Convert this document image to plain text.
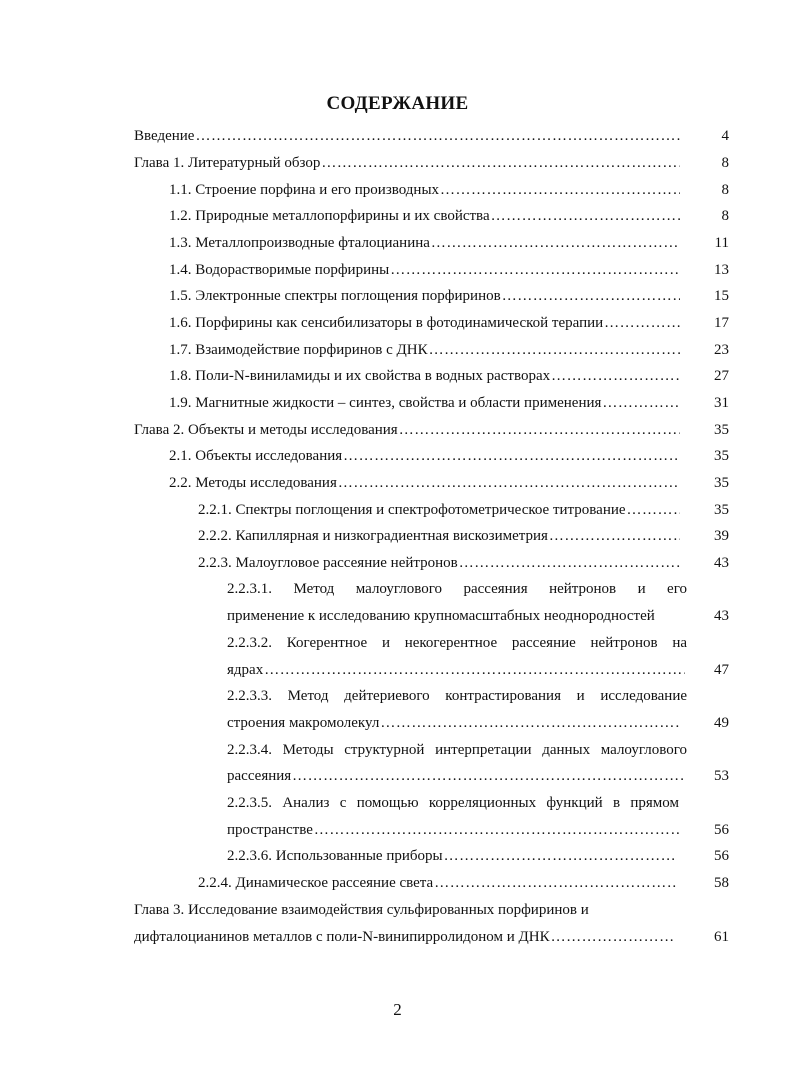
СОДЕРЖАНИЕ
Введение ……………………………………………………………………………………………………………………………………………………………………	4
Глава 1. Литературный обзор ……………………………………………………………………………………………………………………………………………………………………	8
1.1. Строение порфина и его производных ……………………………………………………………………………………………………………………………………………………………………	8
1.2. Природные металлопорфирины и их свойства ……………………………………………………………………………………………………………………………………………………………………	8
1.3. Металлопроизводные фталоцианина ……………………………………………………………………………………………………………………………………………………………………	11
1.4. Водорастворимые порфирины ……………………………………………………………………………………………………………………………………………………………………	13
1.5. Электронные спектры поглощения порфиринов ……………………………………………………………………………………………………………………………………………………………………	15
1.6. Порфирины как сенсибилизаторы в фотодинамической терапии ……………………………………………………………………………………………………………………………………………………………………	17
1.7. Взаимодействие порфиринов с ДНК ……………………………………………………………………………………………………………………………………………………………………	23
1.8. Поли-N-виниламиды и их свойства в водных растворах ……………………………………………………………………………………………………………………………………………………………………	27
1.9. Магнитные жидкости – синтез, свойства и области применения ……………………………………………………………………………………………………………………………………………………………………	31
Глава 2. Объекты и методы исследования ……………………………………………………………………………………………………………………………………………………………………	35
2.1. Объекты исследования ……………………………………………………………………………………………………………………………………………………………………	35
2.2. Методы исследования ……………………………………………………………………………………………………………………………………………………………………	35
2.2.1. Спектры поглощения и спектрофотометрическое титрование ……………………………………………………………………………………………………………………………………………………………………	35
2.2.2. Капиллярная и низкоградиентная вискозиметрия ……………………………………………………………………………………………………………………………………………………………………	39
2.2.3. Малоугловое рассеяние нейтронов ……………………………………………………………………………………………………………………………………………………………………	43
2.2.3.1. Метод малоуглового рассеяния нейтронов и его
применение к исследованию крупномасштабных неоднородностей	43
2.2.3.2. Когерентное и некогерентное рассеяние нейтронов на
ядрах ……………………………………………………………………………………………………………………………………………………………………	47
2.2.3.3. Метод дейтериевого контрастирования и исследование
строения макромолекул ……………………………………………………………………………………………………………………………………………………………………	49
2.2.3.4. Методы структурной интерпретации данных малоуглового
рассеяния ……………………………………………………………………………………………………………………………………………………………………	53
2.2.3.5. Анализ с помощью корреляционных функций в прямом
пространстве ……………………………………………………………………………………………………………………………………………………………………	56
2.2.3.6. Использованные приборы ……………………………………………………………………………………………………………………………………………………………………	56
2.2.4. Динамическое рассеяние света ……………………………………………………………………………………………………………………………………………………………………	58
Глава 3. Исследование взаимодействия сульфированных порфиринов и
дифталоцианинов металлов с поли-N-винипирролидоном и ДНК ……………………………………………………………………………………………………………………………………………………………………	61
2
